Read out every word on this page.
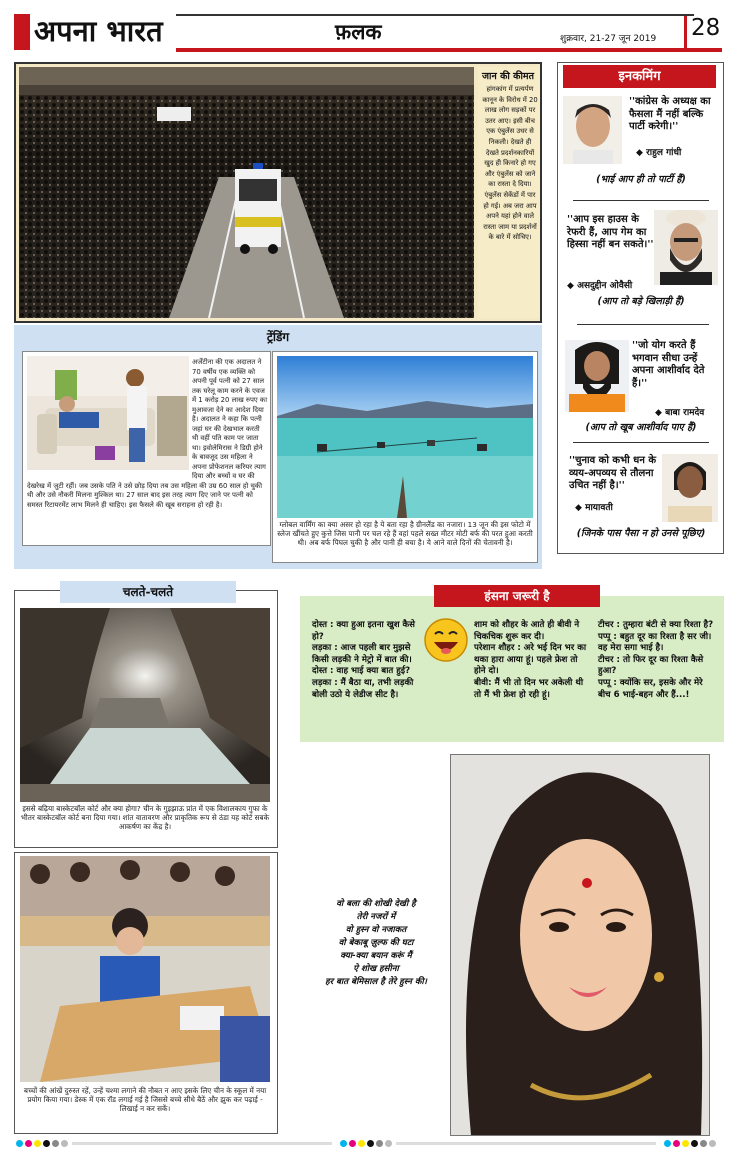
अपना भारत	फ़लक	शुक्रवार, 21-27 जून 2019 28
जान की कीमत
हांगकांग में प्रत्यर्पण कानून के विरोध में 20 लाख लोग सड़कों पर उतर आए। इसी बीच एक एंबुलेंस उधर से निकली। देखते ही देखते प्रदर्शनकारियों खुद ही किनारे हो गए और एंबुलेंस को जाने का रास्ता दे दिया। एंबुलेंस सेकेंडों में पार हो गई। अब जरा आप अपने यहां होने वाले रास्ता जाम या प्रदर्शनों के बारे में सोचिए।
ट्रेंडिंग
अर्जेंटीना की एक अदालत ने 70 वर्षीय एक व्यक्ति को अपनी पूर्व पत्नी को 27 साल तक घरेलू काम करने के एवज में 1 करोड़ 20 लाख रुपए का मुआवजा देने का आदेश दिया है। अदालत ने कहा कि पत्नी जहां घर की देखभाल करती थी वहीं पति काम पर जाता था। इवोलेमिरास ने डिग्री होने के बावजूद उस महिला ने अपना प्रोफेशनल करियर त्याग दिया और बच्चों व घर की देखरेख में जुटी रहीं। जब उसके पति ने उसे छोड़ दिया तब उस महिला की उम्र 60 साल हो चुकी थी और उसे नौकरी मिलना मुश्किल था। 27 साल बाद इस तरह त्याग दिए जाने पर पत्नी को समस्त रिटायरमेंट लाभ मिलने ही चाहिए। इस फैसले की खूब सराहना हो रही है।
ग्लोबल वार्मिंग का क्या असर हो रहा है ये बता रहा है ग्रीनलैंड का नजारा। 13 जून की इस फोटो में स्लेज खींचते हुए कुत्ते जिस पानी पर चल रहे हैं वहां पहले सख्त मीटर मोटी बर्फ की परत हुआ करती थी। अब बर्फ पिघल चुकी है और पानी ही बचा है। ये आने वाले दिनों की चेतावनी है।
इनकमिंग
''कांग्रेस के अध्यक्ष का फैसला मैं नहीं बल्कि पार्टी करेगी।''
◆ राहुल गांधी
(भाई आप ही तो पार्टी हैं)
''आप इस हाउस के रेफरी हैं, आप गेम का हिस्सा नहीं बन सकते।''
◆ असदुद्दीन ओवैसी
(आप तो बड़े खिलाड़ी हैं)
''जो योग करते हैं भगवान सीधा उन्हें अपना आशीर्वाद देते हैं।''
◆ बाबा रामदेव
(आप तो खूब आशीर्वाद पाए हैं)
''चुनाव को कभी धन के व्यय-अपव्यय से तौलना उचित नहीं है।''
◆ मायावती
(जिनके पास पैसा न हो उनसे पूछिए)
चलते-चलते
इससे बढ़िया बास्केटबॉल कोर्ट और क्या होगा? चीन के गुइझाऊ प्रांत में एक विशालकाय गुफा के भीतर बास्केटबॉल कोर्ट बना दिया गया। शांत वातावरण और प्राकृतिक रूप से ठंडा यह कोर्ट सबके आकर्षण का केंद्र है।
बच्चों की आंखें दुरुस्त रहें, उन्हें चश्मा लगाने की नौबत न आए इसके लिए चीन के स्कूल में नया प्रयोग किया गया। डेस्क में एक रॉड लगाई गई है जिससे बच्चे सीधे बैठें और झुक कर पढ़ाई - लिखाई न कर सकें।
हंसना जरूरी है
दोस्त : क्या हुआ इतना खुश कैसे हो?
लड़का : आज पहली बार मुझसे किसी लड़की ने मेट्रो में बात की।
दोस्त : वाह भाई क्या बात हुई?
लड़का : मैं बैठा था, तभी लड़की बोली उठो ये लेडीज सीट है।
शाम को शौहर के आते ही बीवी ने चिकचिक शुरू कर दी।
परेशान शौहर : अरे भई दिन भर का थका हारा आया हूं। पहले फ्रेश तो होने दो।
बीवी: मैं भी तो दिन भर अकेली थी तो मैं भी फ्रेश हो रही हूं।
टीचर : तुम्हारा बंटी से क्या रिश्ता है?
पप्पू : बहुत दूर का रिश्ता है सर जी। वह मेरा सगा भाई है।
टीचर : तो फिर दूर का रिश्ता कैसे हुआ?
पप्पू : क्योंकि सर, इसके और मेरे बीच 6 भाई-बहन और हैं...!
वो बला की शोखी देखी है
तेरी नजरों में
वो हुस्न वो नजाकत
वो बेकाबू ज़ुल्फ की घटा
क्या-क्या बयान करूं मैं
ऐ शोख हसीना
हर बात बेमिसाल है तेरे हुस्न की।
